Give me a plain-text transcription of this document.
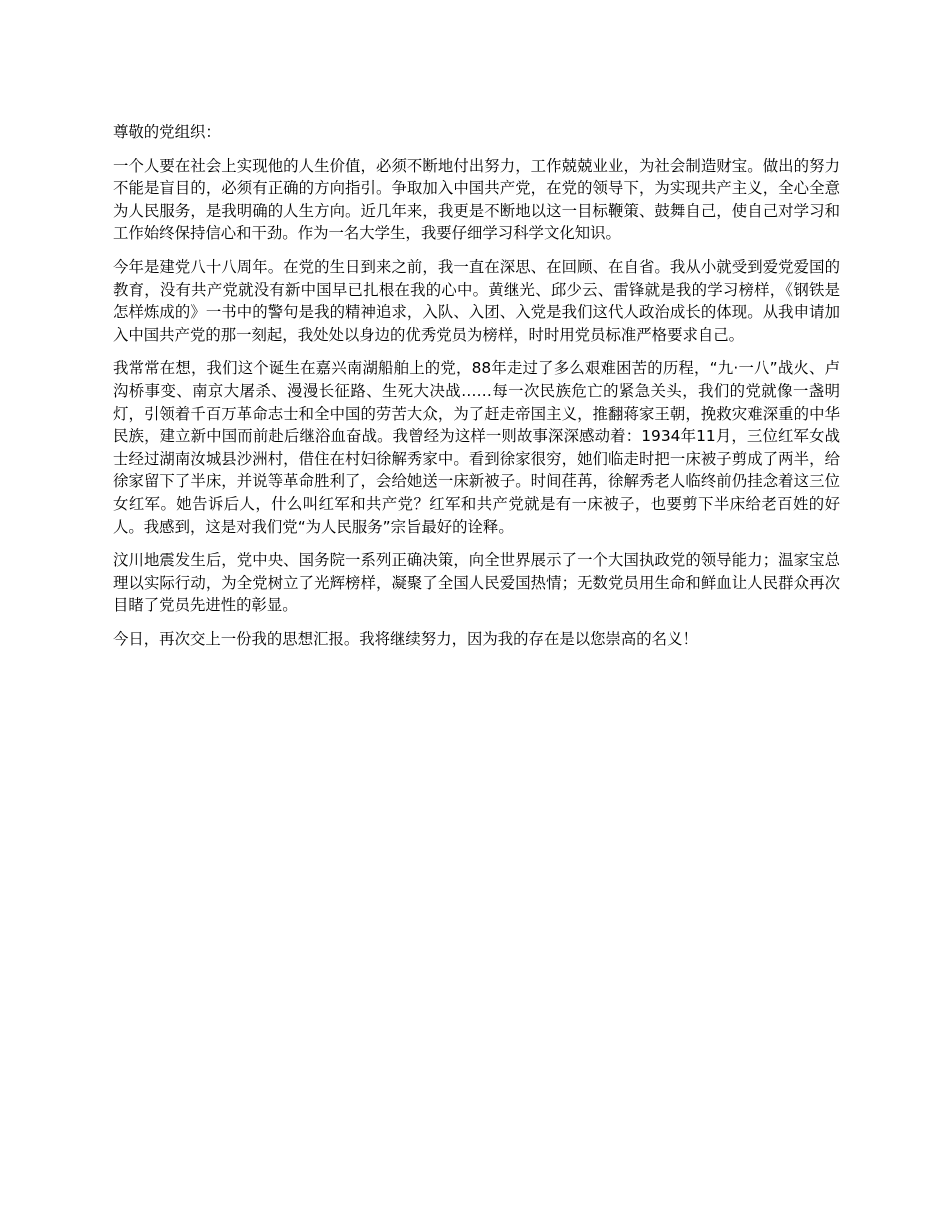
尊敬的党组织：

一个人要在社会上实现他的人生价值，必须不断地付出努力，工作兢兢业业，为社会制造财宝。做出的努力不能是盲目的，必须有正确的方向指引。争取加入中国共产党，在党的领导下，为实现共产主义，全心全意为人民服务，是我明确的人生方向。近几年来，我更是不断地以这一目标鞭策、鼓舞自己，使自己对学习和工作始终保持信心和干劲。作为一名大学生，我要仔细学习科学文化知识。

今年是建党八十八周年。在党的生日到来之前，我一直在深思、在回顾、在自省。我从小就受到爱党爱国的教育，没有共产党就没有新中国早已扎根在我的心中。黄继光、邱少云、雷锋就是我的学习榜样，《钢铁是怎样炼成的》一书中的警句是我的精神追求，入队、入团、入党是我们这代人政治成长的体现。从我申请加入中国共产党的那一刻起，我处处以身边的优秀党员为榜样，时时用党员标准严格要求自己。

我常常在想，我们这个诞生在嘉兴南湖船舶上的党，88年走过了多么艰难困苦的历程，“九·一八”战火、卢沟桥事变、南京大屠杀、漫漫长征路、生死大决战……每一次民族危亡的紧急关头，我们的党就像一盏明灯，引领着千百万革命志士和全中国的劳苦大众，为了赶走帝国主义，推翻蒋家王朝，挽救灾难深重的中华民族，建立新中国而前赴后继浴血奋战。我曾经为这样一则故事深深感动着：1934年11月，三位红军女战士经过湖南汝城县沙洲村，借住在村妇徐解秀家中。看到徐家很穷，她们临走时把一床被子剪成了两半，给徐家留下了半床，并说等革命胜利了，会给她送一床新被子。时间荏苒，徐解秀老人临终前仍挂念着这三位女红军。她告诉后人，什么叫红军和共产党？红军和共产党就是有一床被子，也要剪下半床给老百姓的好人。我感到，这是对我们党“为人民服务”宗旨最好的诠释。

汶川地震发生后，党中央、国务院一系列正确决策，向全世界展示了一个大国执政党的领导能力；温家宝总理以实际行动，为全党树立了光辉榜样，凝聚了全国人民爱国热情；无数党员用生命和鲜血让人民群众再次目睹了党员先进性的彰显。

今日，再次交上一份我的思想汇报。我将继续努力，因为我的存在是以您崇高的名义！
